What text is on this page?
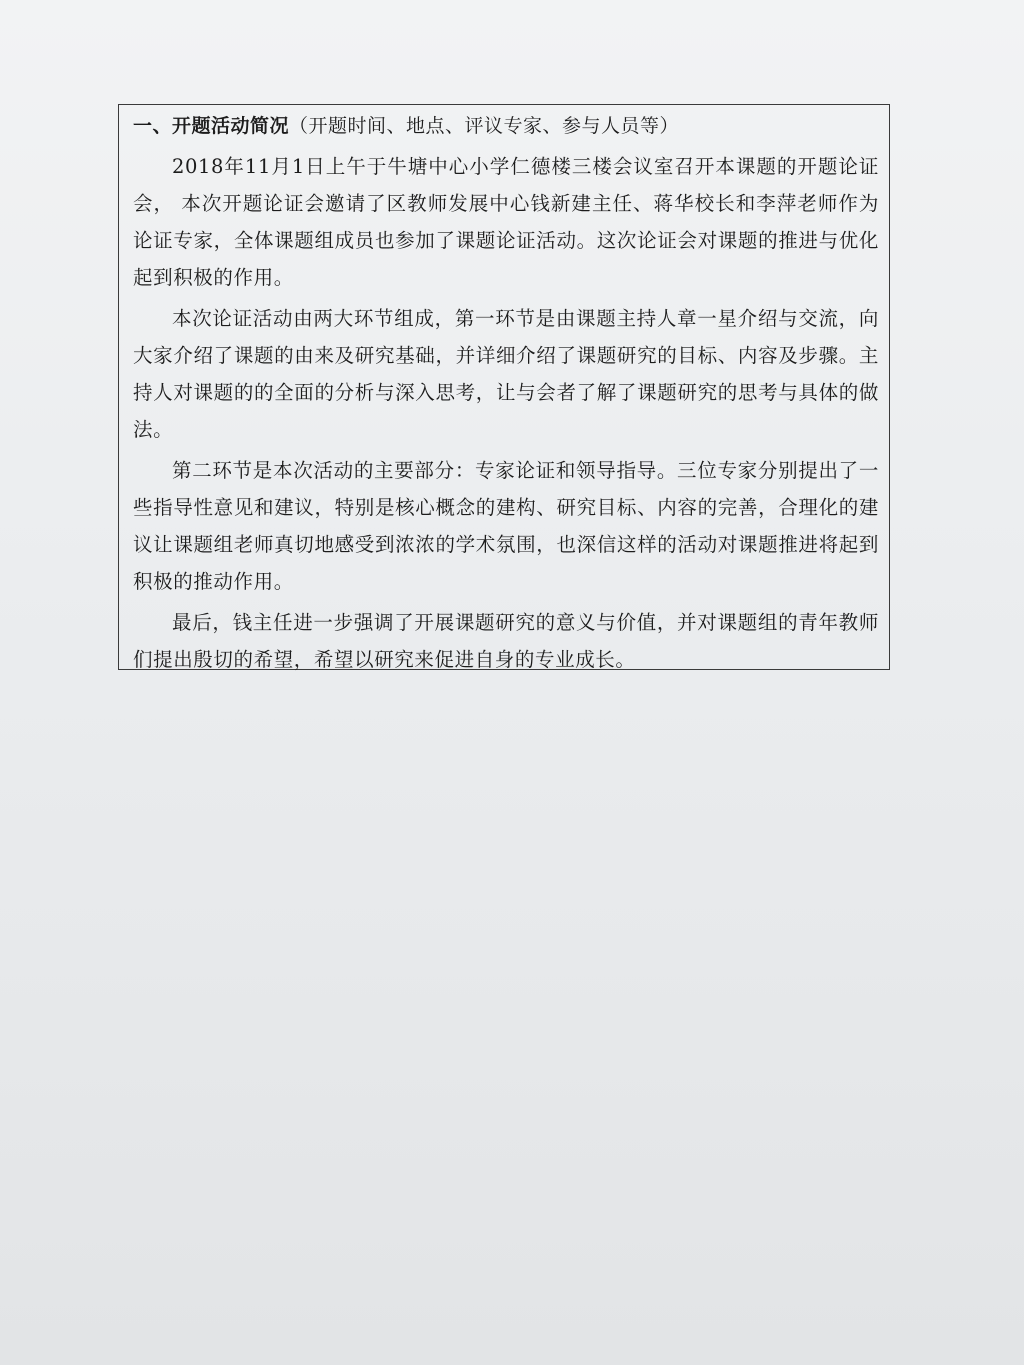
一、开题活动简况（开题时间、地点、评议专家、参与人员等）

2018年11月1日上午于牛塘中心小学仁德楼三楼会议室召开本课题的开题论证会， 本次开题论证会邀请了区教师发展中心钱新建主任、蒋华校长和李萍老师作为论证专家，全体课题组成员也参加了课题论证活动。这次论证会对课题的推进与优化起到积极的作用。

本次论证活动由两大环节组成，第一环节是由课题主持人章一星介绍与交流，向大家介绍了课题的由来及研究基础，并详细介绍了课题研究的目标、内容及步骤。主持人对课题的的全面的分析与深入思考，让与会者了解了课题研究的思考与具体的做法。

第二环节是本次活动的主要部分：专家论证和领导指导。三位专家分别提出了一些指导性意见和建议，特别是核心概念的建构、研究目标、内容的完善，合理化的建议让课题组老师真切地感受到浓浓的学术氛围，也深信这样的活动对课题推进将起到积极的推动作用。

最后，钱主任进一步强调了开展课题研究的意义与价值，并对课题组的青年教师们提出殷切的希望，希望以研究来促进自身的专业成长。
